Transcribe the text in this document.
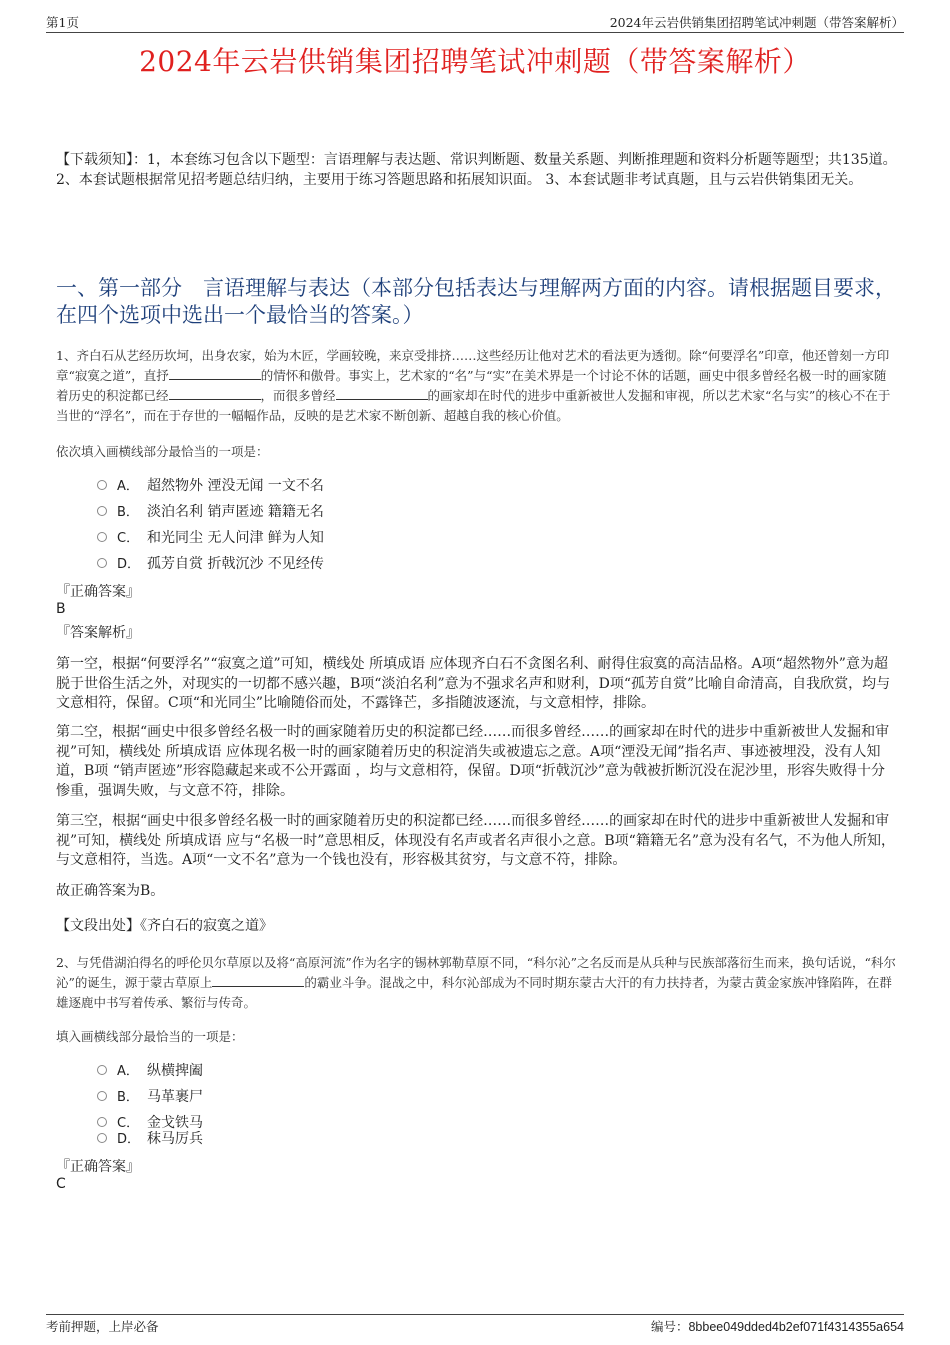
第1页	2024年云岩供销集团招聘笔试冲刺题（带答案解析）
2024年云岩供销集团招聘笔试冲刺题（带答案解析）
【下载须知】：1，本套练习包含以下题型：言语理解与表达题、常识判断题、数量关系题、判断推理题和资料分析题等题型；共135道。 2、本套试题根据常见招考题总结归纳，主要用于练习答题思路和拓展知识面。 3、本套试题非考试真题，且与云岩供销集团无关。
一、第一部分　言语理解与表达（本部分包括表达与理解两方面的内容。请根据题目要求，在四个选项中选出一个最恰当的答案。）
1、齐白石从艺经历坎坷，出身农家，始为木匠，学画较晚，来京受排挤……这些经历让他对艺术的看法更为透彻。除“何要浮名”印章，他还曾刻一方印章“寂寞之道”，直抒	的情怀和傲骨。事实上，艺术家的“名”与“实”在美术界是一个讨论不休的话题，画史中很多曾经名极一时的画家随着历史的积淀都已经	，而很多曾经	的画家却在时代的进步中重新被世人发掘和审视，所以艺术家“名与实”的核心不在于当世的“浮名”，而在于存世的一幅幅作品，反映的是艺术家不断创新、超越自我的核心价值。
依次填入画横线部分最恰当的一项是：
A． 超然物外 湮没无闻 一文不名
B． 淡泊名利 销声匿迹 籍籍无名
C． 和光同尘 无人问津 鲜为人知
D． 孤芳自赏 折戟沉沙 不见经传
『正确答案』
B
『答案解析』
第一空，根据“何要浮名”“寂寞之道”可知，横线处 所填成语 应体现齐白石不贪图名利、耐得住寂寞的高洁品格。A项“超然物外”意为超脱于世俗生活之外，对现实的一切都不感兴趣，B项“淡泊名利”意为不强求名声和财利，D项“孤芳自赏”比喻自命清高，自我欣赏，均与文意相符，保留。C项“和光同尘”比喻随俗而处，不露锋芒，多指随波逐流，与文意相悖，排除。
第二空，根据“画史中很多曾经名极一时的画家随着历史的积淀都已经……而很多曾经……的画家却在时代的进步中重新被世人发掘和审视”可知，横线处 所填成语 应体现名极一时的画家随着历史的积淀消失或被遗忘之意。A项“湮没无闻”指名声、事迹被埋没，没有人知道，B项 “销声匿迹”形容隐藏起来或不公开露面 ，均与文意相符，保留。D项“折戟沉沙”意为戟被折断沉没在泥沙里，形容失败得十分惨重，强调失败，与文意不符，排除。
第三空，根据“画史中很多曾经名极一时的画家随着历史的积淀都已经……而很多曾经……的画家却在时代的进步中重新被世人发掘和审视”可知，横线处 所填成语 应与“名极一时”意思相反，体现没有名声或者名声很小之意。B项“籍籍无名”意为没有名气，不为他人所知，与文意相符，当选。A项“一文不名”意为一个钱也没有，形容极其贫穷，与文意不符，排除。
故正确答案为B。
【文段出处】《齐白石的寂寞之道》
2、与凭借湖泊得名的呼伦贝尔草原以及将“高原河流”作为名字的锡林郭勒草原不同，“科尔沁”之名反而是从兵种与民族部落衍生而来，换句话说，“科尔沁”的诞生，源于蒙古草原上	的霸业斗争。混战之中，科尔沁部成为不同时期东蒙古大汗的有力扶持者，为蒙古黄金家族冲锋陷阵，在群雄逐鹿中书写着传承、繁衍与传奇。
填入画横线部分最恰当的一项是：
A． 纵横捭阖
B． 马革裹尸
C． 金戈铁马
D． 秣马厉兵
『正确答案』
C
考前押题，上岸必备	编号：8bbee049dded4b2ef071f4314355a654
